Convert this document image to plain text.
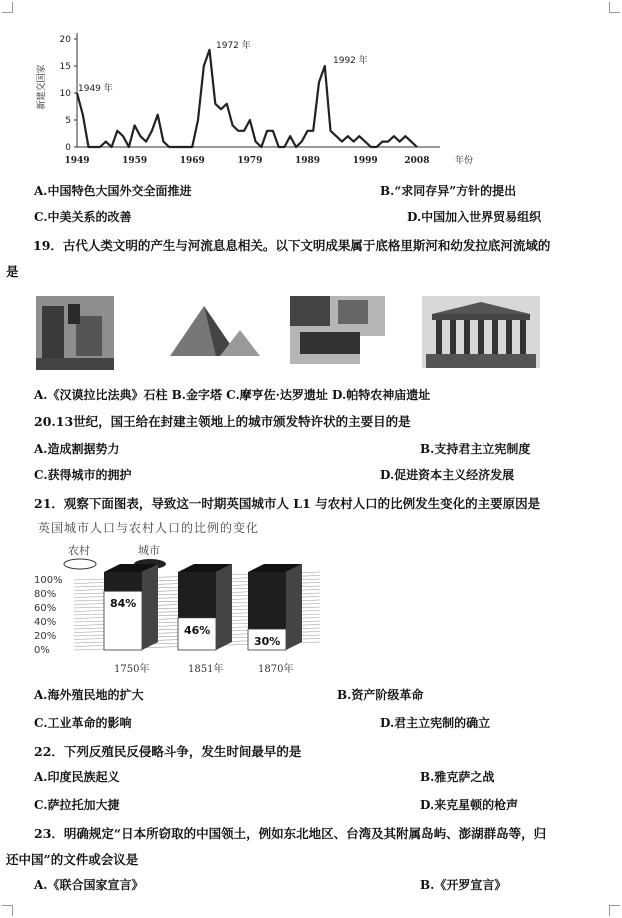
新建交国家
20
15
10
5
0
1949	1959	1969	1979	1989	1999	2008
1949 年
1972 年
1992 年
年份
A.中国特色大国外交全面推进	B.“求同存异”方针的提出
C.中美关系的改善	D.中国加入世界贸易组织
19．古代人类文明的产生与河流息息相关。以下文明成果属于底格里斯河和幼发拉底河流域的
是
A.《汉谟拉比法典》石柱 B.金字塔 C.摩亨佐·达罗遗址 D.帕特农神庙遗址
20.13世纪，国王给在封建主领地上的城市颁发特许状的主要目的是
A.造成割据势力	B.支持君主立宪制度
C.获得城市的拥护	D.促进资本主义经济发展
21．观察下面图表，导致这一时期英国城市人 L1 与农村人口的比例发生变化的主要原因是
英国城市人口与农村人口的比例的变化
农村	城市
100%
80%
60%
40%
20%
0%
84%
1750年
46%
1851年
30%
1870年
A.海外殖民地的扩大	B.资产阶级革命
C.工业革命的影响	D.君主立宪制的确立
22．下列反殖民反侵略斗争，发生时间最早的是
A.印度民族起义	B.雅克萨之战
C.萨拉托加大捷	D.来克星顿的枪声
23．明确规定“日本所窃取的中国领土，例如东北地区、台湾及其附属岛屿、澎湖群岛等，归
还中国”的文件或会议是
A.《联合国家宣言》	B.《开罗宣言》
